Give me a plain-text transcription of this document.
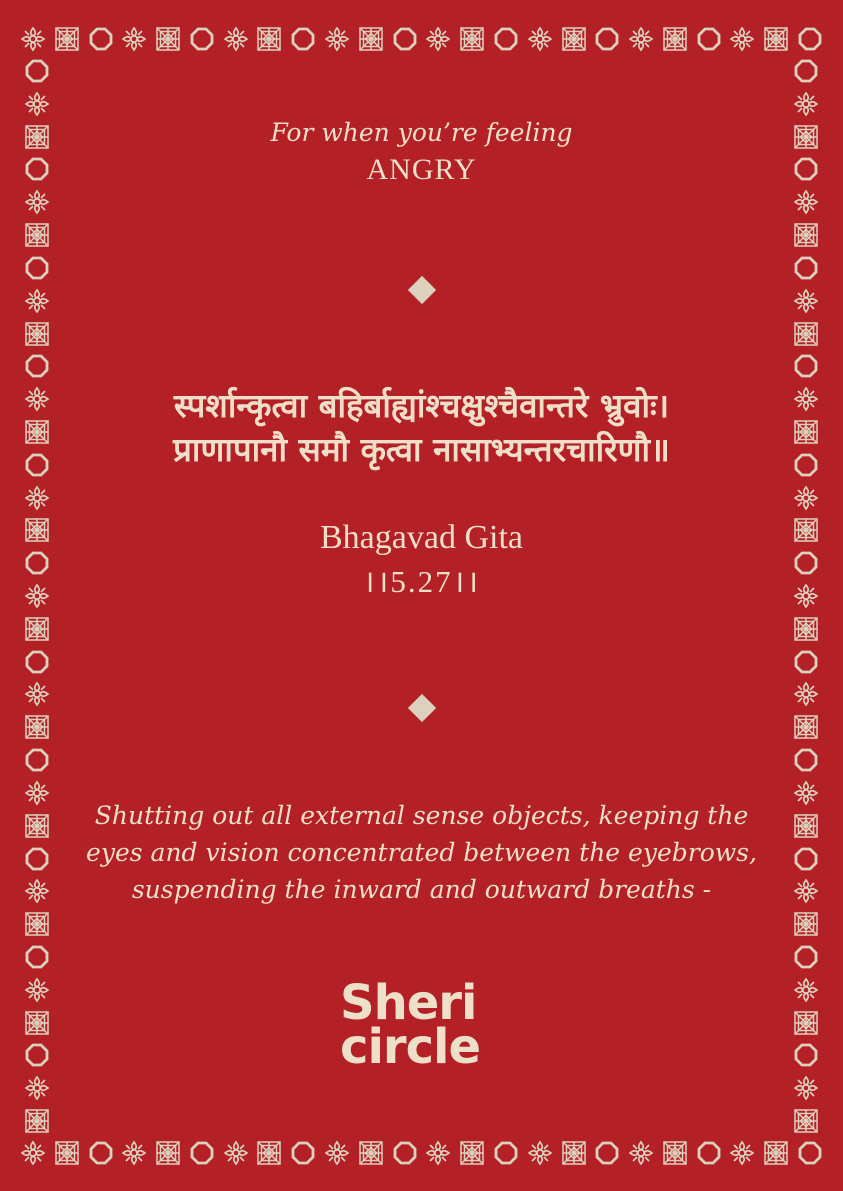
For when you’re feeling
ANGRY
स्पर्शान्कृत्वा बहिर्बाह्यांश्चक्षुश्चैवान्तरे भ्रुवोः।
प्राणापानौ समौ कृत्वा नासाभ्यन्तरचारिणौ॥
Bhagavad Gita
।।5.27।।
Shutting out all external sense objects, keeping the
eyes and vision concentrated between the eyebrows,
suspending the inward and outward breaths -
Sheri
circle
